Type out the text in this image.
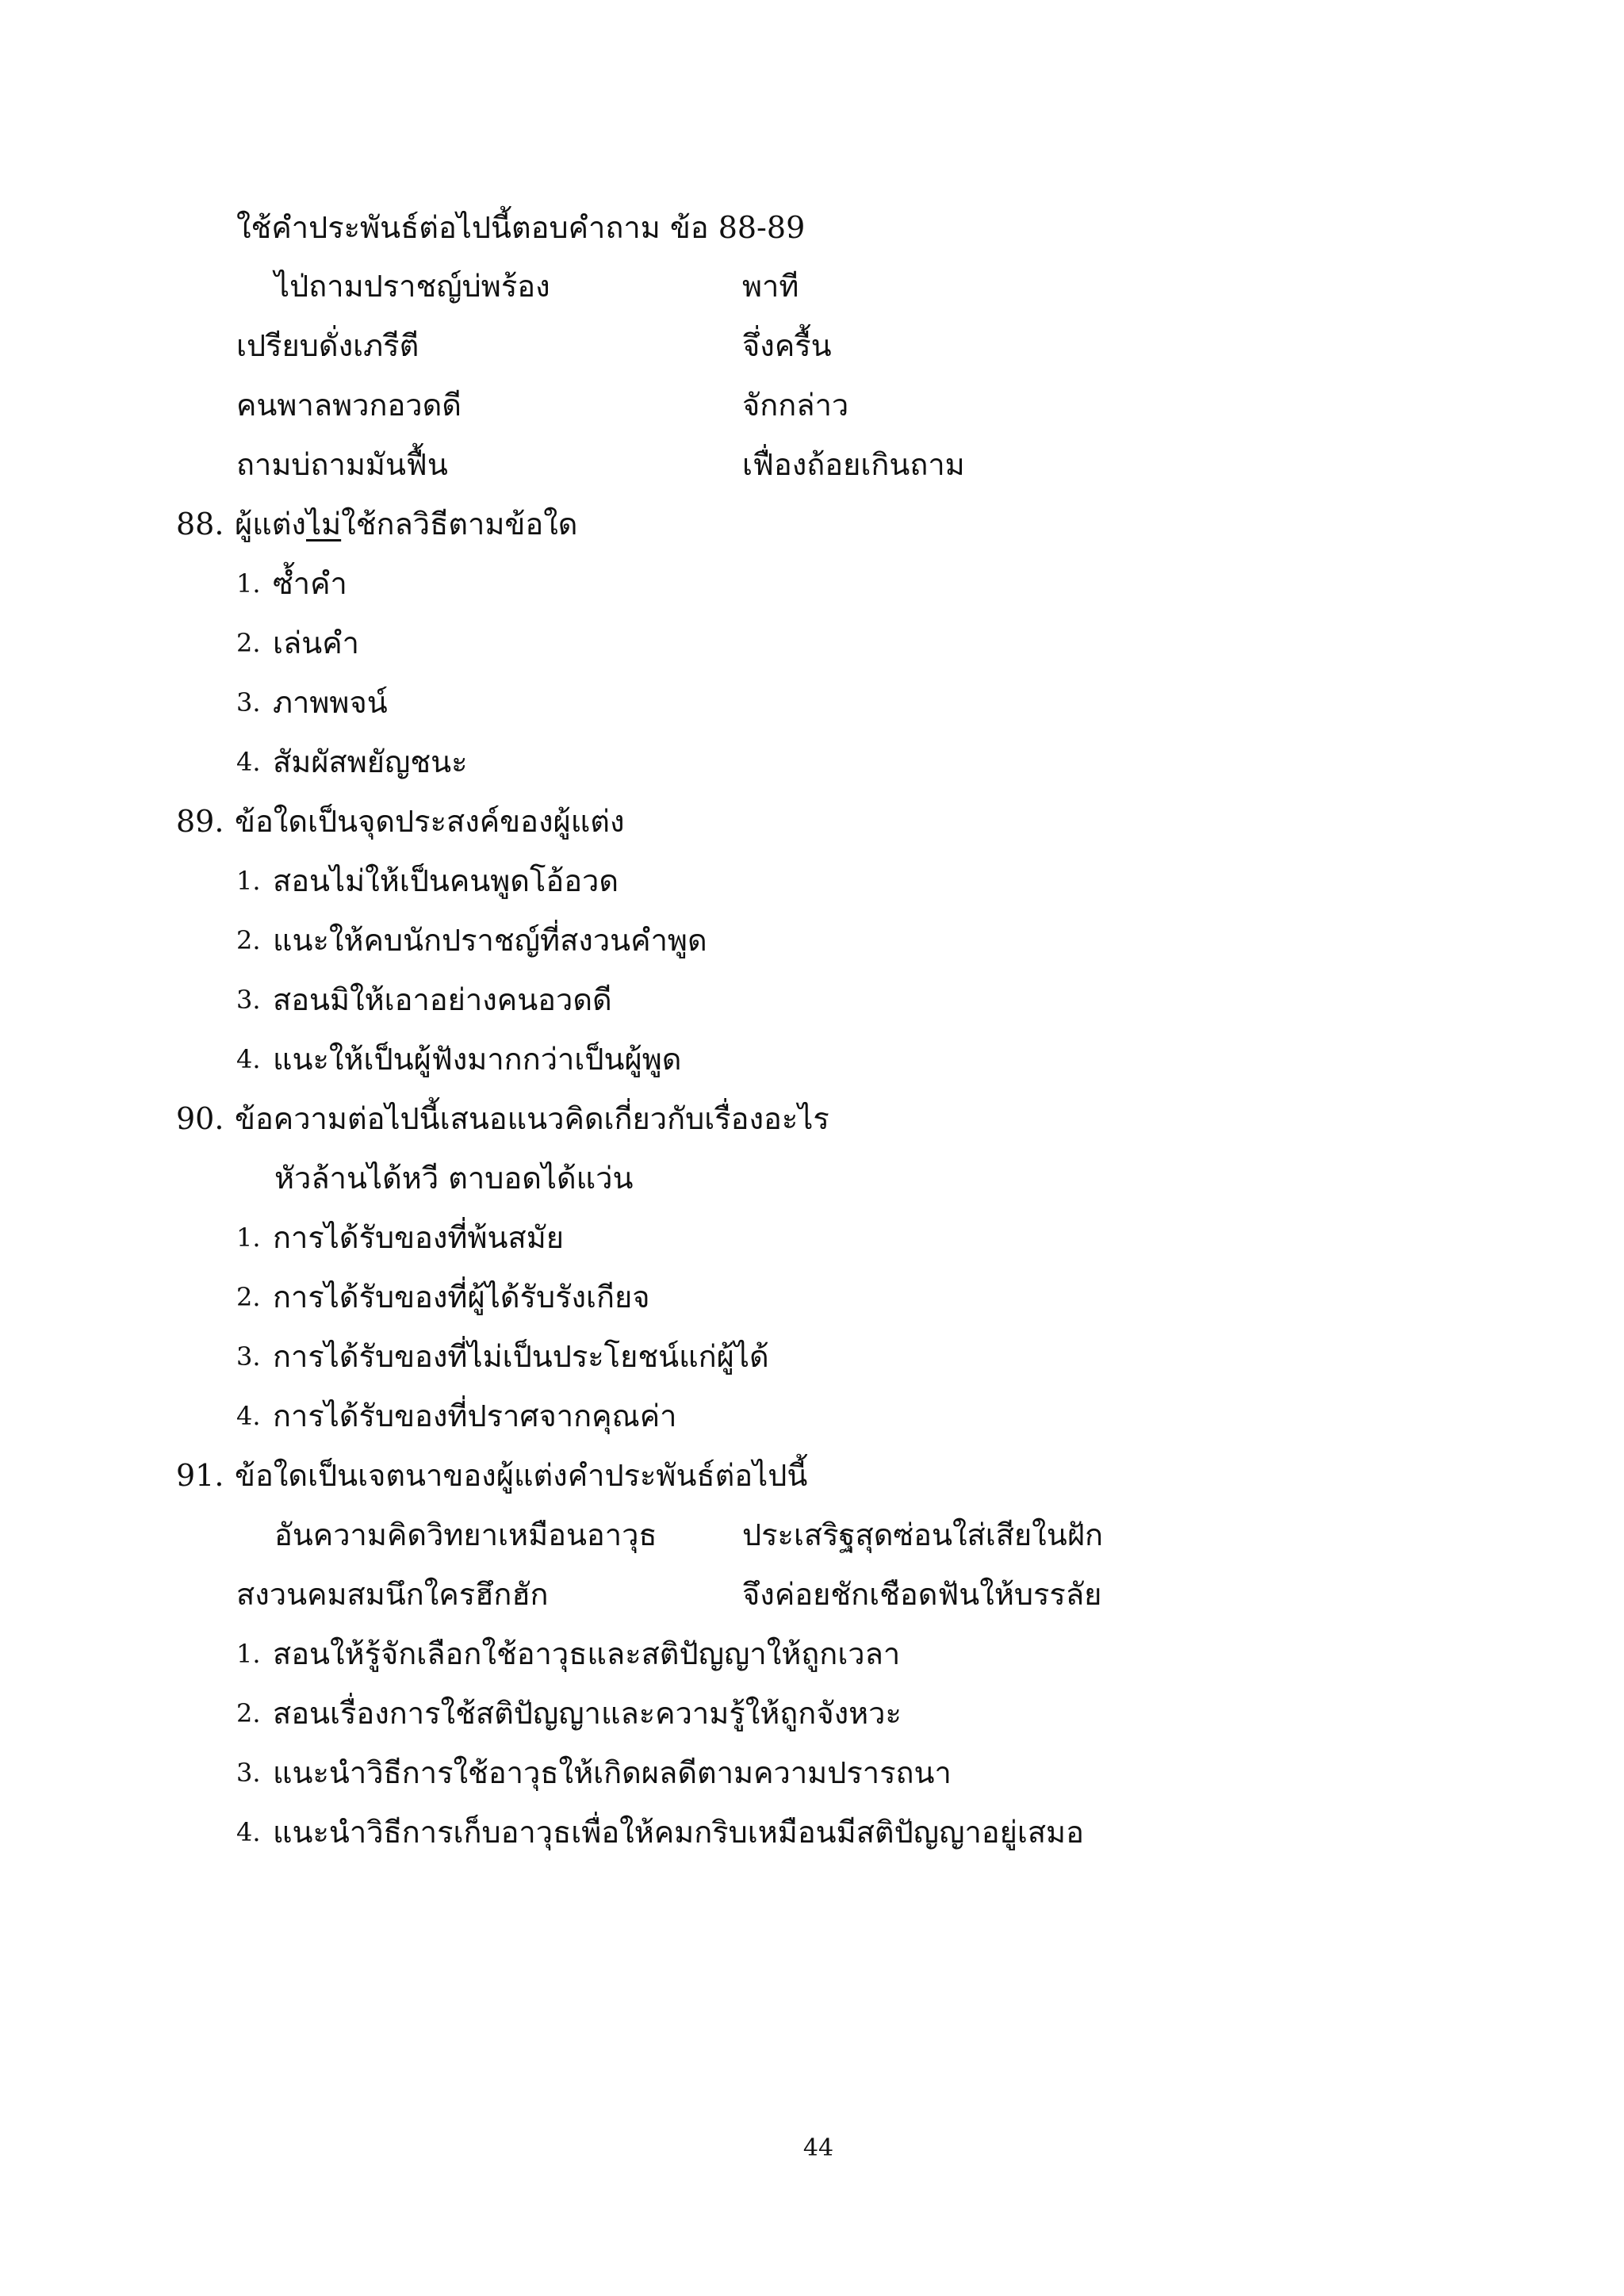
ใช้คำประพันธ์ต่อไปนี้ตอบคำถาม ข้อ 88-89
ไป่ถามปราชญ์บ่พร้อง	พาที
เปรียบดั่งเภรีตี	จึ่งครื้น
คนพาลพวกอวดดี	จักกล่าว
ถามบ่ถามมันฟื้น	เฟื่องถ้อยเกินถาม
88. ผู้แต่งไม่ใช้กลวิธีตามข้อใด
1. ซ้ำคำ
2. เล่นคำ
3. ภาพพจน์
4. สัมผัสพยัญชนะ
89. ข้อใดเป็นจุดประสงค์ของผู้แต่ง
1. สอนไม่ให้เป็นคนพูดโอ้อวด
2. แนะให้คบนักปราชญ์ที่สงวนคำพูด
3. สอนมิให้เอาอย่างคนอวดดี
4. แนะให้เป็นผู้ฟังมากกว่าเป็นผู้พูด
90. ข้อความต่อไปนี้เสนอแนวคิดเกี่ยวกับเรื่องอะไร
หัวล้านได้หวี ตาบอดได้แว่น
1. การได้รับของที่พ้นสมัย
2. การได้รับของที่ผู้ได้รับรังเกียจ
3. การได้รับของที่ไม่เป็นประโยชน์แก่ผู้ได้
4. การได้รับของที่ปราศจากคุณค่า
91. ข้อใดเป็นเจตนาของผู้แต่งคำประพันธ์ต่อไปนี้
อันความคิดวิทยาเหมือนอาวุธ	ประเสริฐสุดซ่อนใส่เสียในฝัก
สงวนคมสมนึกใครฮึกฮัก	จึงค่อยชักเชือดฟันให้บรรลัย
1. สอนให้รู้จักเลือกใช้อาวุธและสติปัญญาให้ถูกเวลา
2. สอนเรื่องการใช้สติปัญญาและความรู้ให้ถูกจังหวะ
3. แนะนำวิธีการใช้อาวุธให้เกิดผลดีตามความปรารถนา
4. แนะนำวิธีการเก็บอาวุธเพื่อให้คมกริบเหมือนมีสติปัญญาอยู่เสมอ
44
